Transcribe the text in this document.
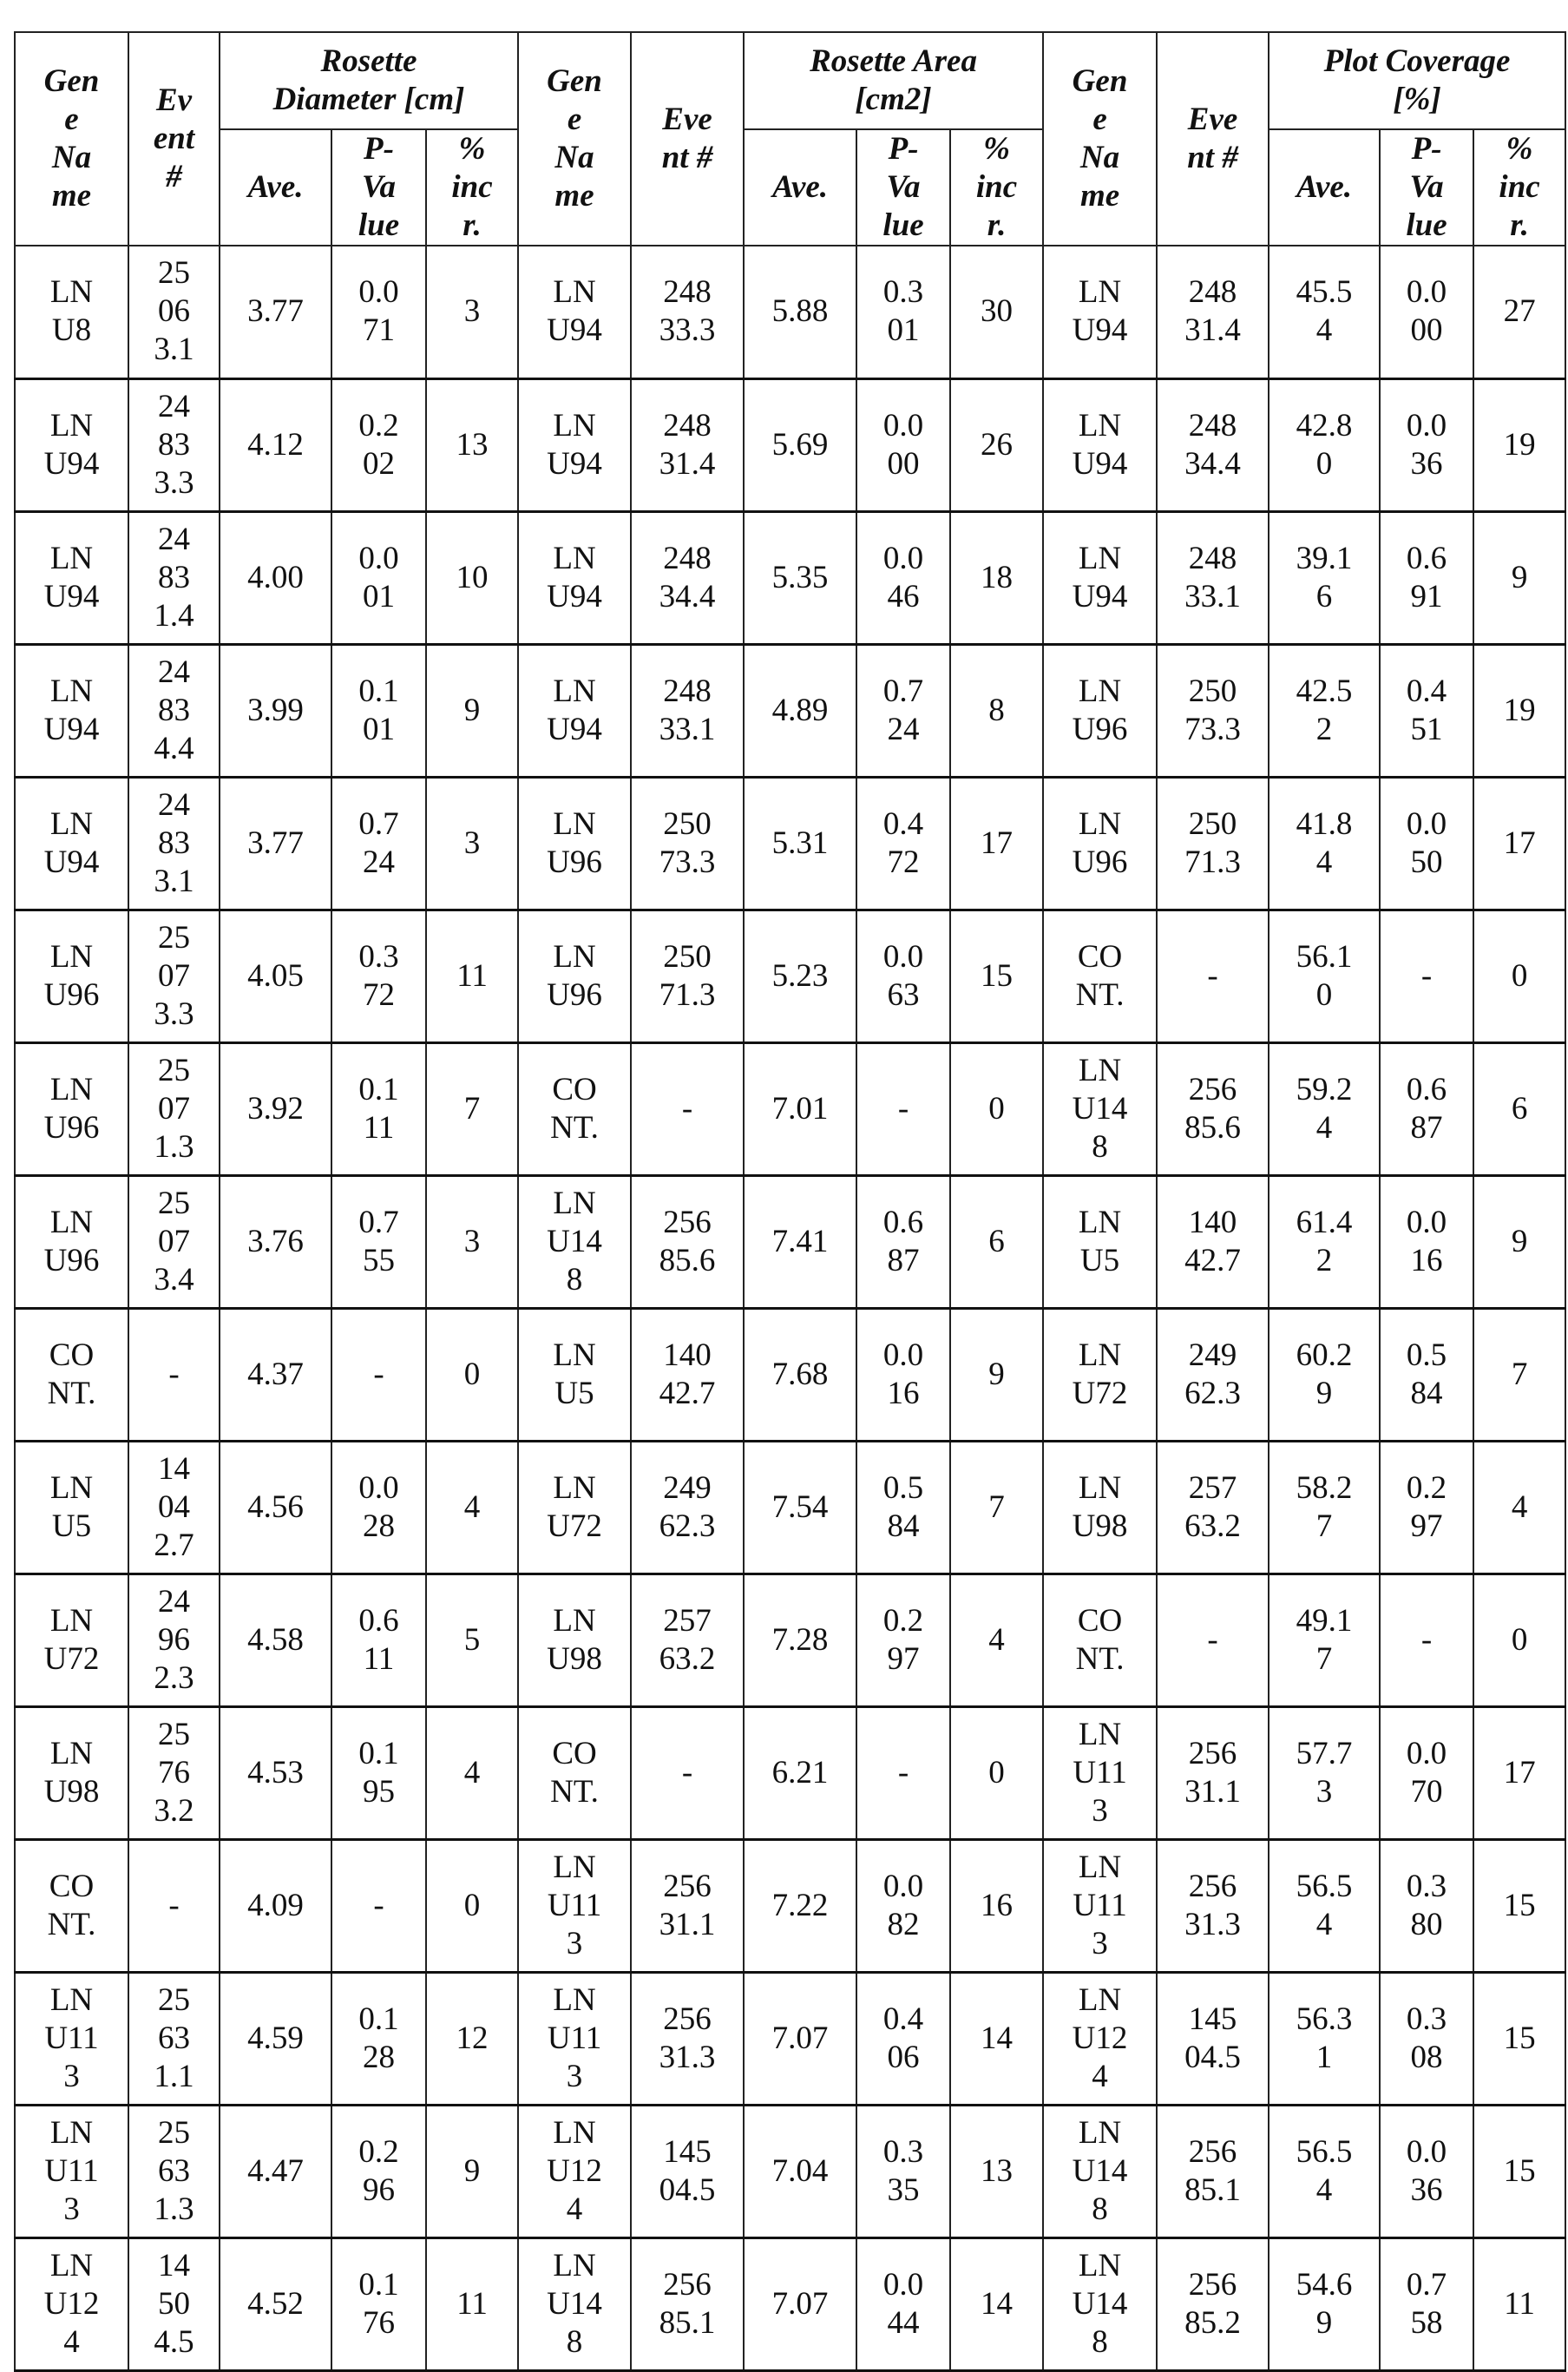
Gen
e
Na
me	Ev
ent
#	Rosette
Diameter [cm]	Gen
e
Na
me	Eve
nt #	Rosette Area
[cm2]	Gen
e
Na
me	Eve
nt #	Plot Coverage
[%]
Ave.	P-
Va
lue	%
inc
r.	Ave.	P-
Va
lue	%
inc
r.	Ave.	P-
Va
lue	%
inc
r.
LN
U8	25
06
3.1	3.77	0.0
71	3	LN
U94	248
33.3	5.88	0.3
01	30	LN
U94	248
31.4	45.5
4	0.0
00	27
LN
U94	24
83
3.3	4.12	0.2
02	13	LN
U94	248
31.4	5.69	0.0
00	26	LN
U94	248
34.4	42.8
0	0.0
36	19
LN
U94	24
83
1.4	4.00	0.0
01	10	LN
U94	248
34.4	5.35	0.0
46	18	LN
U94	248
33.1	39.1
6	0.6
91	9
LN
U94	24
83
4.4	3.99	0.1
01	9	LN
U94	248
33.1	4.89	0.7
24	8	LN
U96	250
73.3	42.5
2	0.4
51	19
LN
U94	24
83
3.1	3.77	0.7
24	3	LN
U96	250
73.3	5.31	0.4
72	17	LN
U96	250
71.3	41.8
4	0.0
50	17
LN
U96	25
07
3.3	4.05	0.3
72	11	LN
U96	250
71.3	5.23	0.0
63	15	CO
NT.	-	56.1
0	-	0
LN
U96	25
07
1.3	3.92	0.1
11	7	CO
NT.	-	7.01	-	0	LN
U14
8	256
85.6	59.2
4	0.6
87	6
LN
U96	25
07
3.4	3.76	0.7
55	3	LN
U14
8	256
85.6	7.41	0.6
87	6	LN
U5	140
42.7	61.4
2	0.0
16	9
CO
NT.	-	4.37	-	0	LN
U5	140
42.7	7.68	0.0
16	9	LN
U72	249
62.3	60.2
9	0.5
84	7
LN
U5	14
04
2.7	4.56	0.0
28	4	LN
U72	249
62.3	7.54	0.5
84	7	LN
U98	257
63.2	58.2
7	0.2
97	4
LN
U72	24
96
2.3	4.58	0.6
11	5	LN
U98	257
63.2	7.28	0.2
97	4	CO
NT.	-	49.1
7	-	0
LN
U98	25
76
3.2	4.53	0.1
95	4	CO
NT.	-	6.21	-	0	LN
U11
3	256
31.1	57.7
3	0.0
70	17
CO
NT.	-	4.09	-	0	LN
U11
3	256
31.1	7.22	0.0
82	16	LN
U11
3	256
31.3	56.5
4	0.3
80	15
LN
U11
3	25
63
1.1	4.59	0.1
28	12	LN
U11
3	256
31.3	7.07	0.4
06	14	LN
U12
4	145
04.5	56.3
1	0.3
08	15
LN
U11
3	25
63
1.3	4.47	0.2
96	9	LN
U12
4	145
04.5	7.04	0.3
35	13	LN
U14
8	256
85.1	56.5
4	0.0
36	15
LN
U12
4	14
50
4.5	4.52	0.1
76	11	LN
U14
8	256
85.1	7.07	0.0
44	14	LN
U14
8	256
85.2	54.6
9	0.7
58	11
